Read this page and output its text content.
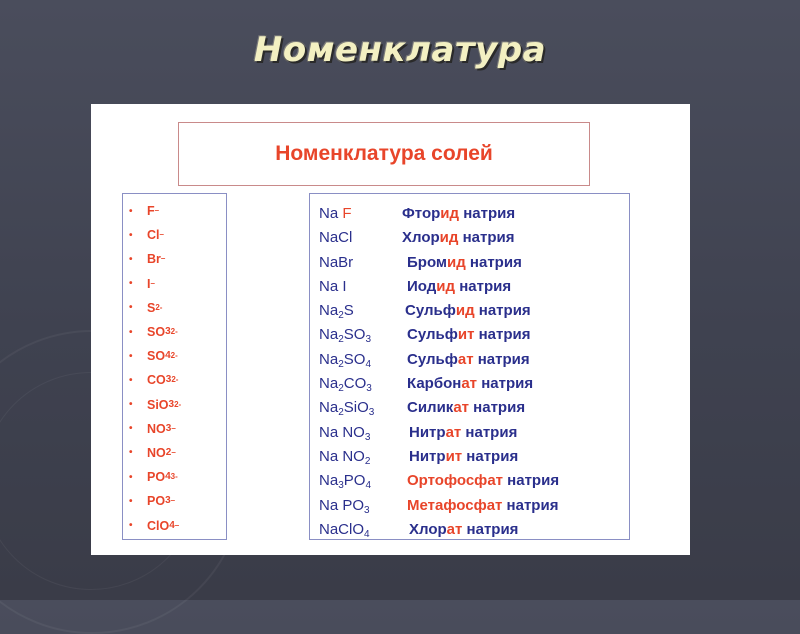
Номенклатура
Номенклатура солей
•	F –
•	Cl –
•	Br –
•	I –
•	S 2-
•	SO 3 2-
•	SO 4 2-
•	CO 3 2-
•	SiO 3 2-
•	NO 3 –
•	NO 2 –
•	PO 4 3-
•	PO 3 –
•	ClO 4 –
Na F	Фторид натрия
NaCl	Хлорид натрия
NaBr	Бромид натрия
Na I	Иодид натрия
$Na_2S$	Сульфид натрия
$Na_2SO_3$ Сульфит натрия
$Na_2SO_4$ Сульфат натрия
$Na_2CO_3$ Карбонат натрия
$Na_2SiO_3$ Силикат натрия
Na $NO_3$	Нитрат натрия
Na $NO_2$	Нитрит натрия
$Na_3PO_4$ Ортофосфат натрия
Na $PO_3$ Метафосфат натрия
NaClO$_4$	Хлорат натрия
